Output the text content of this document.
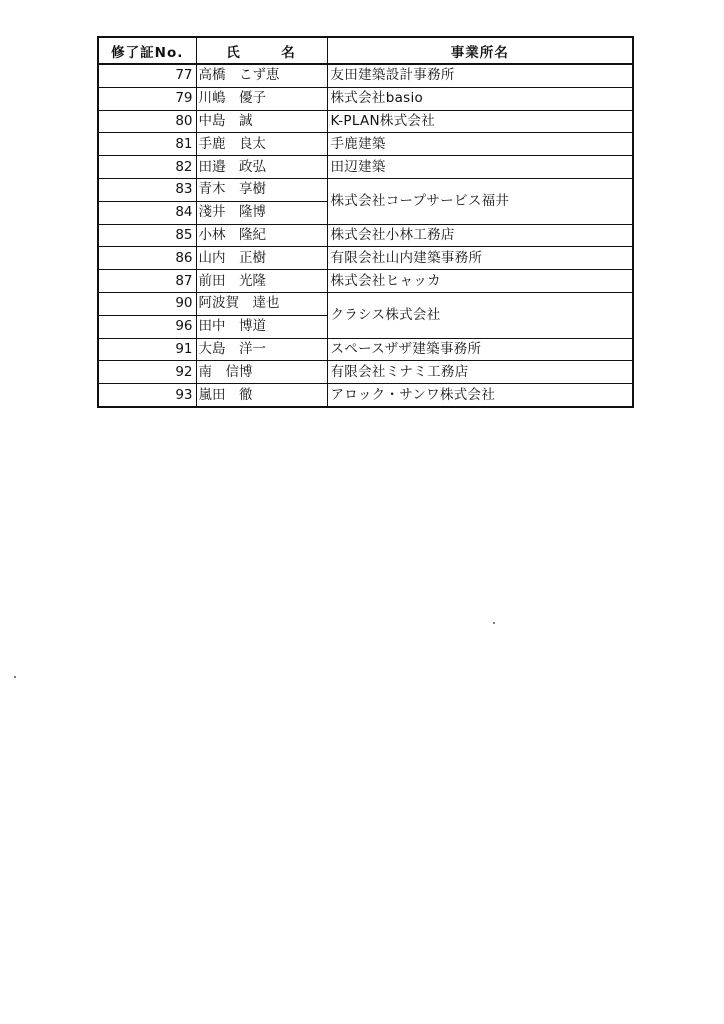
修了証No.	氏　名	事業所名
77	高橋　こず恵	友田建築設計事務所
79	川嶋　優子	株式会社basio
80	中島　誠	K-PLAN株式会社
81	手鹿　良太	手鹿建築
82	田邉　政弘	田辺建築
83	青木　享樹	株式会社コープサービス福井
84	淺井　隆博	
85	小林　隆紀	株式会社小林工務店
86	山内　正樹	有限会社山内建築事務所
87	前田　光隆	株式会社ヒャッカ
90	阿波賀　達也	クラシス株式会社
96	田中　博道	
91	大島　洋一	スペースザザ建築事務所
92	南　信博	有限会社ミナミ工務店
93	嵐田　徹	アロック・サンワ株式会社
